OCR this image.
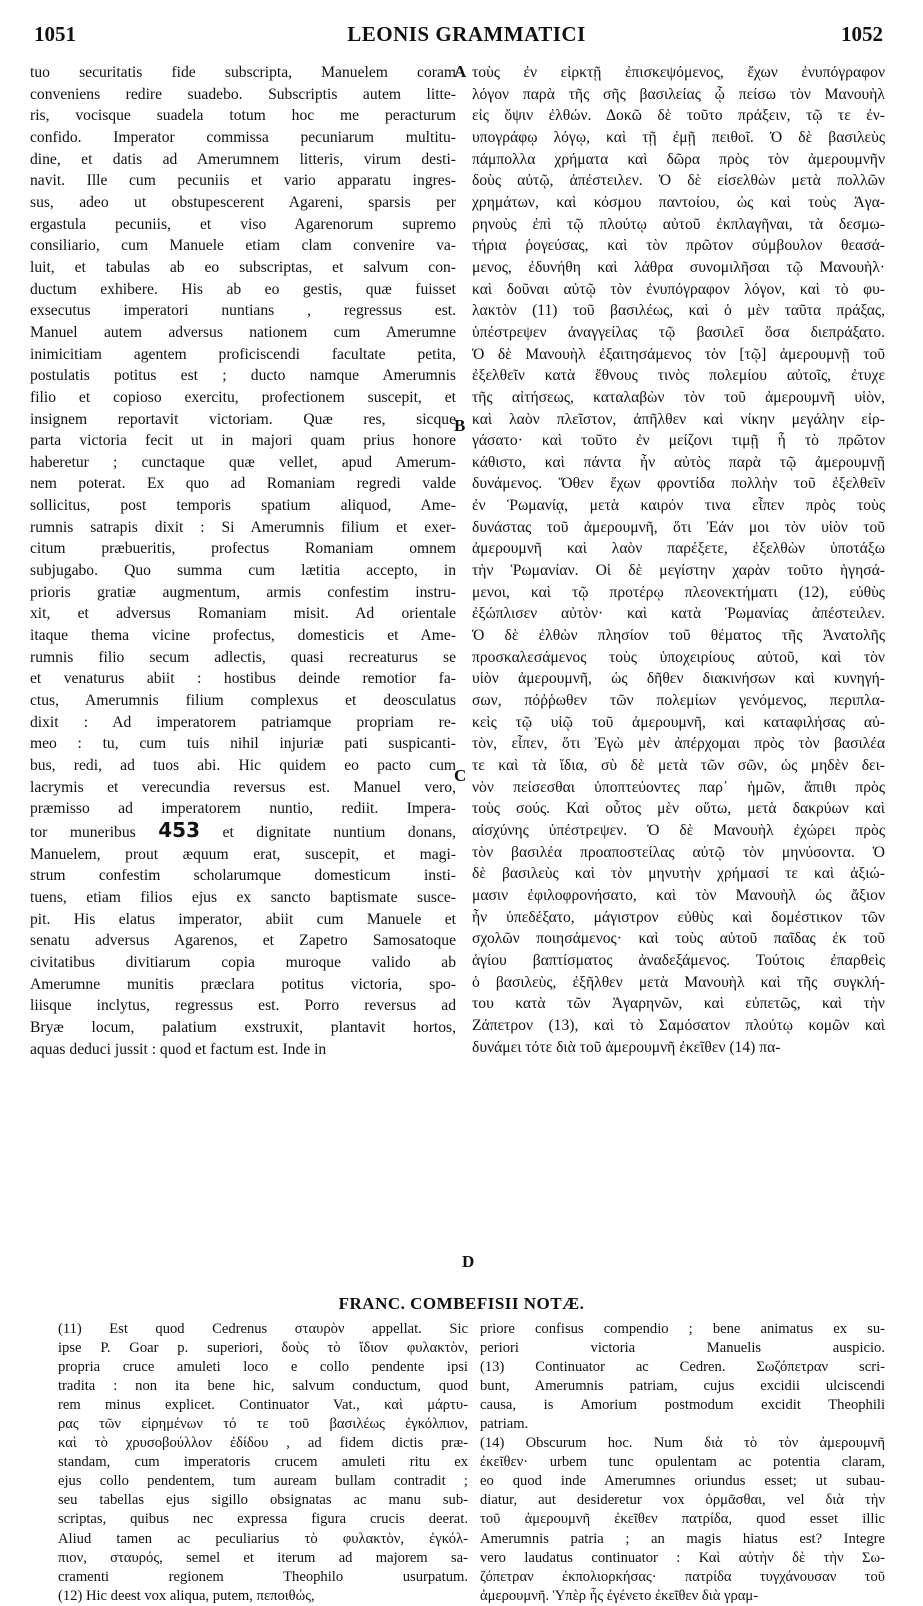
1051	LEONIS GRAMMATICI	1052
tuo securitatis fide subscripta, Manuelem coram
conveniens redire suadebo. Subscriptis autem litte-
ris, vocisque suadela totum hoc me peracturum
confido. Imperator commissa pecuniarum multitu-
dine, et datis ad Amerumnem litteris, virum desti-
navit. Ille cum pecuniis et vario apparatu ingres-
sus, adeo ut obstupescerent Agareni, sparsis per
ergastula pecuniis, et viso Agarenorum supremo
consiliario, cum Manuele etiam clam convenire va-
luit, et tabulas ab eo subscriptas, et salvum con-
ductum exhibere. His ab eo gestis, quæ fuisset
exsecutus imperatori nuntians , regressus est.
Manuel autem adversus nationem cum Amerumne
inimicitiam agentem proficiscendi facultate petita,
postulatis potitus est ; ducto namque Amerumnis
filio et copioso exercitu, profectionem suscepit, et
insignem reportavit victoriam. Quæ res, sicque
parta victoria fecit ut in majori quam prius honore
haberetur ; cunctaque quæ vellet, apud Amerum-
nem poterat. Ex quo ad Romaniam regredi valde
sollicitus, post temporis spatium aliquod, Ame-
rumnis satrapis dixit : Si Amerumnis filium et exer-
citum præbueritis, profectus Romaniam omnem
subjugabo. Quo summa cum lætitia accepto, in
prioris gratiæ augmentum, armis confestim instru-
xit, et adversus Romaniam misit. Ad orientale
itaque thema vicine profectus, domesticis et Ame-
rumnis filio secum adlectis, quasi recreaturus se
et venaturus abiit : hostibus deinde remotior fa-
ctus, Amerumnis filium complexus et deosculatus
dixit : Ad imperatorem patriamque propriam re-
meo : tu, cum tuis nihil injuriæ pati suspicanti-
bus, redi, ad tuos abi. Hic quidem eo pacto cum
lacrymis et verecundia reversus est. Manuel vero,
præmisso ad imperatorem nuntio, rediit. Impera-
tor muneribus 453 et dignitate nuntium donans,
Manuelem, prout æquum erat, suscepit, et magi-
strum confestim scholarumque domesticum insti-
tuens, etiam filios ejus ex sancto baptismate susce-
pit. His elatus imperator, abiit cum Manuele et
senatu adversus Agarenos, et Zapetro Samosatoque
civitatibus divitiarum copia muroque valido ab
Amerumne munitis præclara potitus victoria, spo-
liisque inclytus, regressus est. Porro reversus ad
Bryæ locum, palatium exstruxit, plantavit hortos,
aquas deduci jussit : quod et factum est. Inde in
τοὺς ἐν εἰρκτῇ ἐπισκεψόμενος, ἔχων ἐνυπόγραφον
λόγον παρὰ τῆς σῆς βασιλείας ᾧ πείσω τὸν Μανουὴλ
εἰς ὄψιν ἐλθών. Δοκῶ δὲ τοῦτο πράξειν, τῷ τε ἐν-
υπογράφῳ λόγῳ, καὶ τῇ ἐμῇ πειθοῖ. Ὁ δὲ βασιλεὺς
πάμπολλα χρήματα καὶ δῶρα πρὸς τὸν ἀμερουμνῆν
δοὺς αὐτῷ, ἀπέστειλεν. Ὁ δὲ εἰσελθὼν μετὰ πολλῶν
χρημάτων, καὶ κόσμου παντοίου, ὡς καὶ τοὺς Ἀγα-
ρηνοὺς ἐπὶ τῷ πλούτῳ αὐτοῦ ἐκπλαγῆναι, τὰ δεσμω-
τήρια ῥογεύσας, καὶ τὸν πρῶτον σύμβουλον θεασά-
μενος, ἐδυνήθη καὶ λάθρα συνομιλῆσαι τῷ Μανουὴλ·
καὶ δοῦναι αὐτῷ τὸν ἐνυπόγραφον λόγον, καὶ τὸ φυ-
λακτὸν (11) τοῦ βασιλέως, καὶ ὁ μὲν ταῦτα πράξας,
ὑπέστρεψεν ἀναγγείλας τῷ βασιλεῖ ὅσα διεπράξατο.
Ὁ δὲ Μανουὴλ ἐξαιτησάμενος τὸν [τῷ] ἀμερουμνῇ τοῦ
ἐξελθεῖν κατὰ ἔθνους τινὸς πολεμίου αὐτοῖς, ἐτυχε
τῆς αἰτήσεως, καταλαβὼν τὸν τοῦ ἀμερουμνῆ υἱὸν,
καὶ λαὸν πλεῖστον, ἀπῆλθεν καὶ νίκην μεγάλην εἰρ-
γάσατο· καὶ τοῦτο ἐν μείζονι τιμῇ ἧ τὸ πρῶτον
κάθιστο, καὶ πάντα ἦν αὐτὸς παρὰ τῷ ἀμερουμνῇ
δυνάμενος. Ὅθεν ἔχων φροντίδα πολλὴν τοῦ ἐξελθεῖν
ἐν Ῥωμανίᾳ, μετὰ καιρόν τινα εἶπεν πρὸς τοὺς
δυνάστας τοῦ ἀμερουμνῆ, ὅτι Ἐάν μοι τὸν υἱὸν τοῦ
ἀμερουμνῆ καὶ λαὸν παρέξετε, ἐξελθὼν ὑποτάξω
τὴν Ῥωμανίαν. Οἱ δὲ μεγίστην χαρὰν τοῦτο ἡγησά-
μενοι, καὶ τῷ προτέρῳ πλεονεκτήματι (12), εὐθὺς
ἐξώπλισεν αὐτὸν· καὶ κατὰ Ῥωμανίας ἀπέστειλεν.
Ὁ δὲ ἐλθὼν πλησίον τοῦ θέματος τῆς Ἀνατολῆς
προσκαλεσάμενος τοὺς ὑποχειρίους αὐτοῦ, καὶ τὸν
υἱὸν ἀμερουμνῆ, ὡς δῆθεν διακινήσων καὶ κυνηγή-
σων, πόῤῥωθεν τῶν πολεμίων γενόμενος, περιπλα-
κεὶς τῷ υἱῷ τοῦ ἀμερουμνῆ, καὶ καταφιλήσας αὐ-
τὸν, εἶπεν, ὅτι Ἐγὼ μὲν ἀπέρχομαι πρὸς τὸν βασιλέα
τε καὶ τὰ ἴδια, σὺ δὲ μετὰ τῶν σῶν, ὡς μηδὲν δει-
νὸν πείσεσθαι ὑποπτεύοντες παρ᾽ ἡμῶν, ἄπιθι πρὸς
τοὺς σούς. Καὶ οὗτος μὲν οὕτω, μετὰ δακρύων καὶ
αἰσχύνης ὑπέστρεψεν. Ὁ δὲ Μανουὴλ ἐχώρει πρὸς
τὸν βασιλέα προαποστείλας αὐτῷ τὸν μηνύσοντα. Ὁ
δὲ βασιλεὺς καὶ τὸν μηνυτὴν χρήμασί τε καὶ ἀξιώ-
μασιν ἐφιλοφρονήσατο, καὶ τὸν Μανουὴλ ὡς ἄξιον
ἦν ὑπεδέξατο, μάγιστρον εὐθὺς καὶ δομέστικον τῶν
σχολῶν ποιησάμενος· καὶ τοὺς αὐτοῦ παῖδας ἐκ τοῦ
ἁγίου βαπτίσματος ἀναδεξάμενος. Τούτοις ἐπαρθεὶς
ὁ βασιλεὺς, ἐξῆλθεν μετὰ Μανουὴλ καὶ τῆς συγκλή-
του κατὰ τῶν Ἀγαρηνῶν, καὶ εὐπετῶς, καὶ τὴν
Ζάπετρον (13), καὶ τὸ Σαμόσατον πλούτῳ κομῶν καὶ
δυνάμει τότε διὰ τοῦ ἀμερουμνῆ ἐκεῖθεν (14) πα-
A
B
C
D
FRANC. COMBEFISII NOTÆ.
(11) Est quod Cedrenus σταυρὸν appellat. Sic
ipse P. Goar p. superiori, δοὺς τὸ ἴδιον φυλακτὸν,
propria cruce amuleti loco e collo pendente ipsi
tradita : non ita bene hic, salvum conductum, quod
rem minus explicet. Continuator Vat., καὶ μάρτυ-
ρας τῶν εἰρημένων τό τε τοῦ βασιλέως ἐγκόλπιον,
καὶ τὸ χρυσοβούλλον ἐδίδου , ad fidem dictis præ-
standam, cum imperatoris crucem amuleti ritu ex
ejus collo pendentem, tum auream bullam contradit ;
seu tabellas ejus sigillo obsignatas ac manu sub-
scriptas, quibus nec expressa figura crucis deerat.
Aliud tamen ac peculiarius τὸ φυλακτὸν, ἐγκόλ-
πιον, σταυρός, semel et iterum ad majorem sa-
cramenti regionem Theophilo usurpatum.
(12) Hic deest vox aliqua, putem, πεποιθώς,
priore confisus compendio ; bene animatus ex su-
periori victoria Manuelis auspicio.
(13) Continuator ac Cedren. Σωζόπετραν scri-
bunt, Amerumnis patriam, cujus excidii ulciscendi
causa, is Amorium postmodum excidit Theophili
patriam.
(14) Obscurum hoc. Num διὰ τὸ τὸν ἀμερουμνῆ
ἐκεῖθεν· urbem tunc opulentam ac potentia claram,
eo quod inde Amerumnes oriundus esset; ut subau-
diatur, aut desideretur vox ὁρμᾶσθαι, vel διὰ τὴν
τοῦ ἀμερουμνῆ ἐκεῖθεν πατρίδα, quod esset illic
Amerumnis patria ; an magis hiatus est? Integre
vero laudatus continuator : Καὶ αὐτὴν δὲ τὴν Σω-
ζόπετραν ἐκπολιορκήσας· πατρίδα τυγχάνουσαν τοῦ
ἀμερουμνῆ. Ὑπὲρ ἧς ἐγένετο ἐκεῖθεν διὰ γραμ-
